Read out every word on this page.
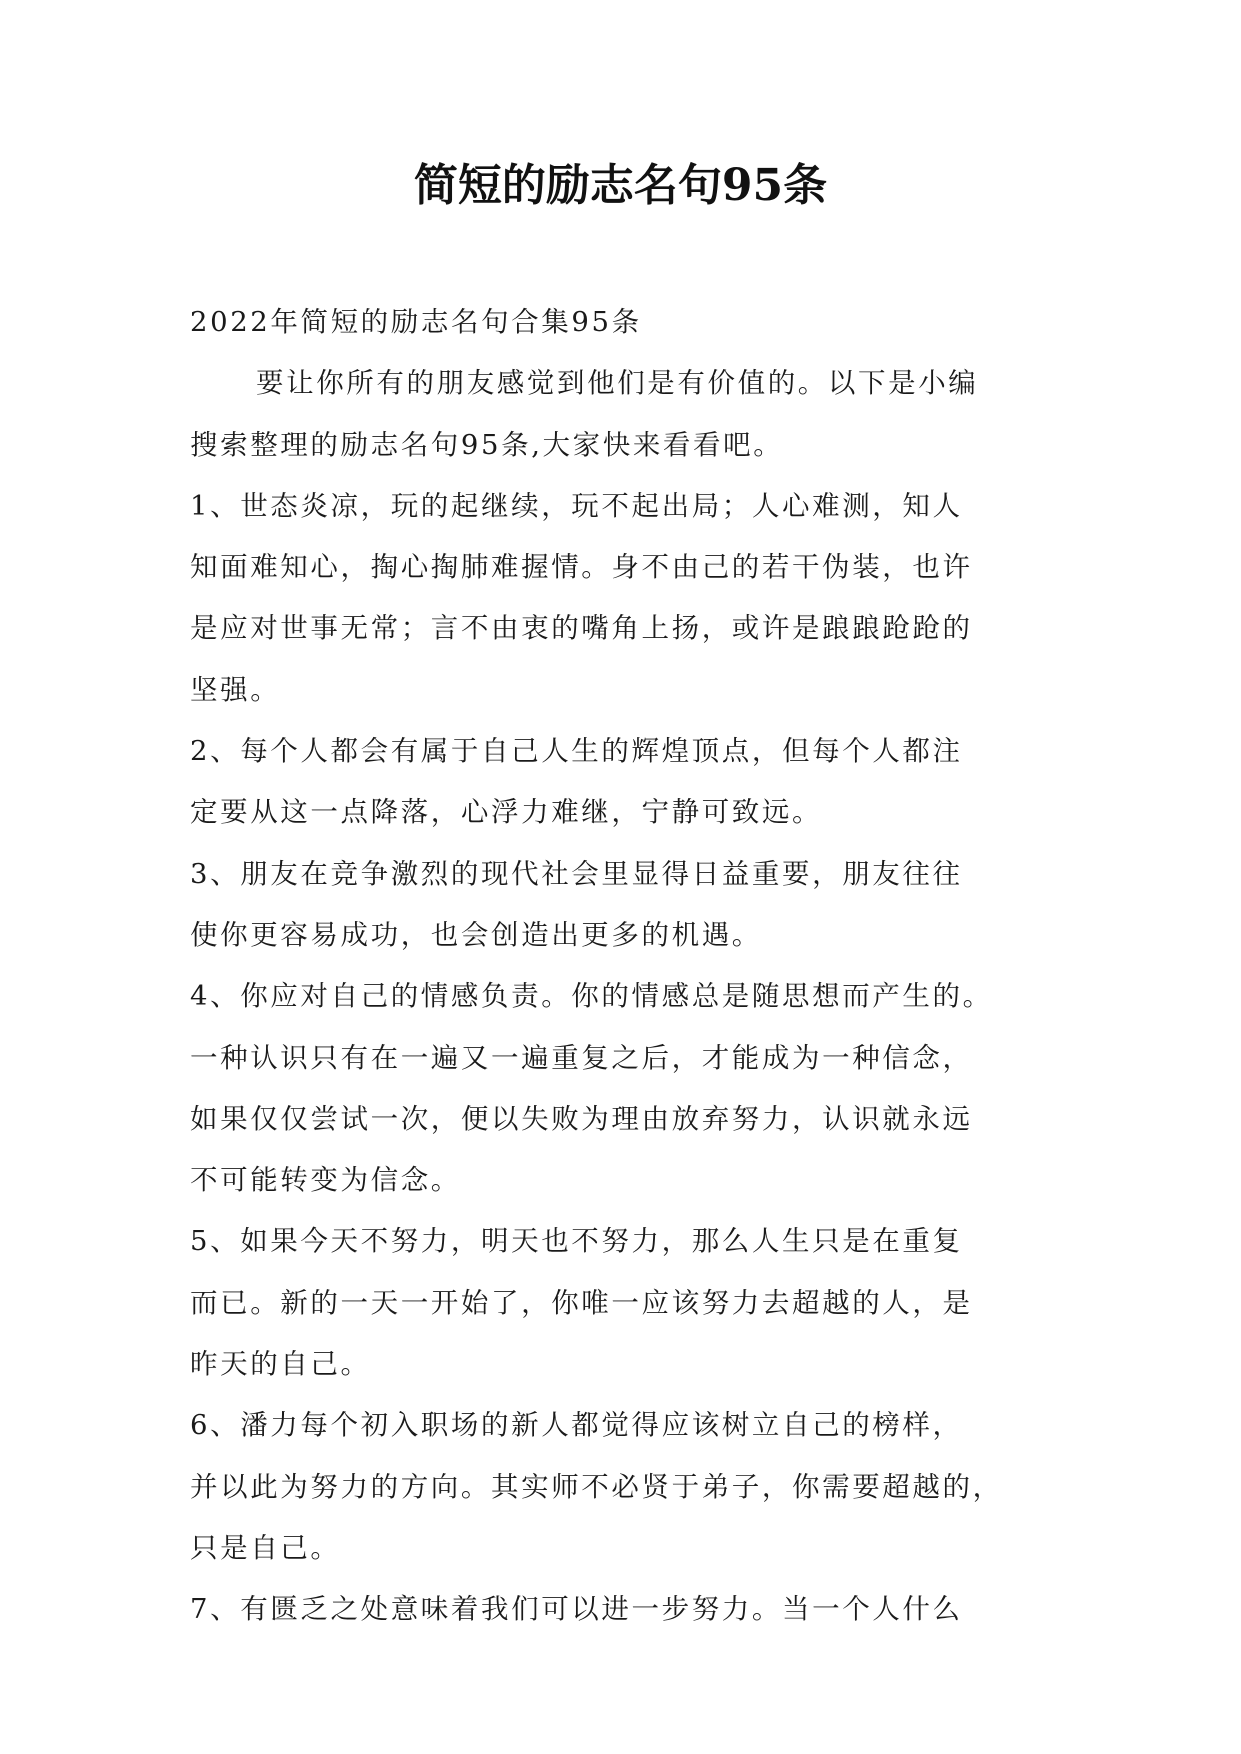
简短的励志名句95条
2022年简短的励志名句合集95条
要让你所有的朋友感觉到他们是有价值的。以下是小编
搜索整理的励志名句95条,大家快来看看吧。
1、世态炎凉，玩的起继续，玩不起出局；人心难测，知人
知面难知心，掏心掏肺难握情。身不由己的若干伪装，也许
是应对世事无常；言不由衷的嘴角上扬，或许是踉踉跄跄的
坚强。
2、每个人都会有属于自己人生的辉煌顶点，但每个人都注
定要从这一点降落，心浮力难继，宁静可致远。
3、朋友在竞争激烈的现代社会里显得日益重要，朋友往往
使你更容易成功，也会创造出更多的机遇。
4、你应对自己的情感负责。你的情感总是随思想而产生的。
一种认识只有在一遍又一遍重复之后，才能成为一种信念，
如果仅仅尝试一次，便以失败为理由放弃努力，认识就永远
不可能转变为信念。
5、如果今天不努力，明天也不努力，那么人生只是在重复
而已。新的一天一开始了，你唯一应该努力去超越的人，是
昨天的自己。
6、潘力每个初入职场的新人都觉得应该树立自己的榜样，
并以此为努力的方向。其实师不必贤于弟子，你需要超越的，
只是自己。
7、有匮乏之处意味着我们可以进一步努力。当一个人什么
